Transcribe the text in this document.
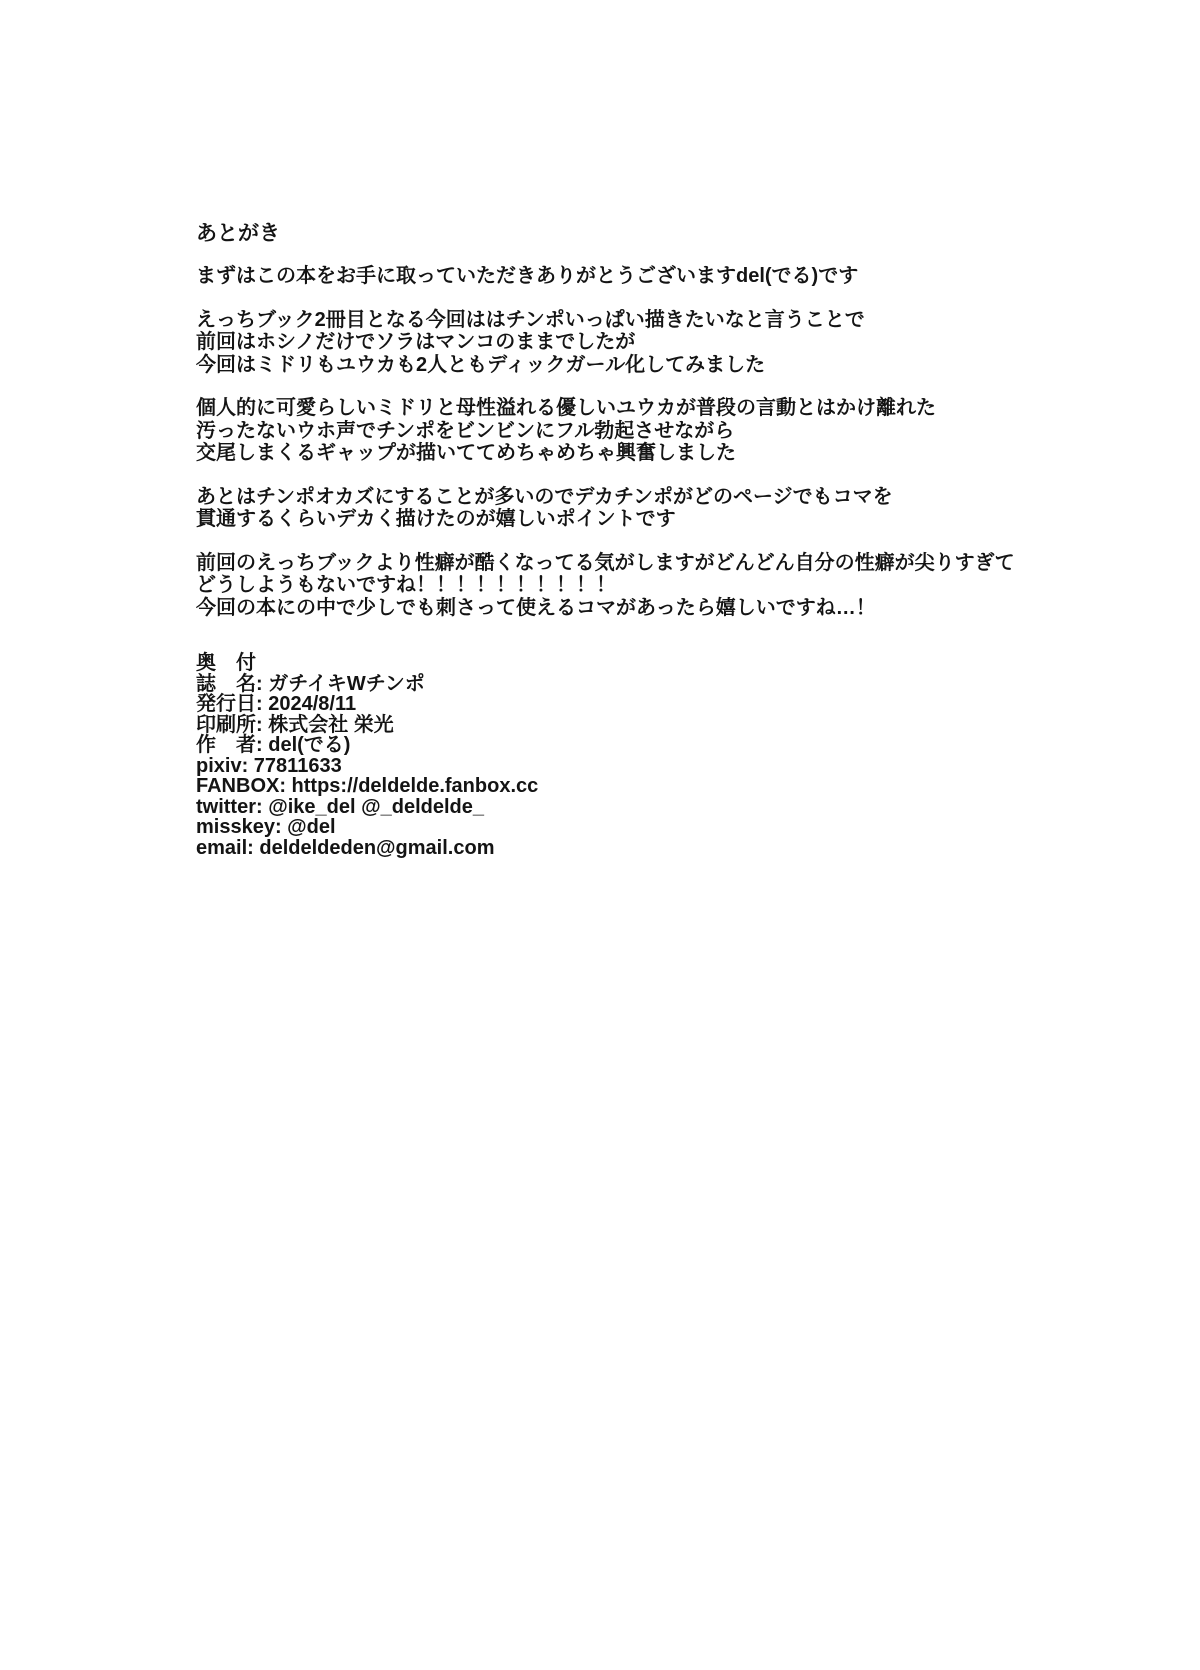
あとがき

まずはこの本をお手に取っていただきありがとうございますdel(でる)です

えっちブック2冊目となる今回ははチンポいっぱい描きたいなと言うことで
前回はホシノだけでソラはマンコのままでしたが
今回はミドリもユウカも2人ともディックガール化してみました

個人的に可愛らしいミドリと母性溢れる優しいユウカが普段の言動とはかけ離れた
汚ったないウホ声でチンポをビンビンにフル勃起させながら
交尾しまくるギャップが描いててめちゃめちゃ興奮しました

あとはチンポオカズにすることが多いのでデカチンポがどのページでもコマを
貫通するくらいデカく描けたのが嬉しいポイントです

前回のえっちブックより性癖が酷くなってる気がしますがどんどん自分の性癖が尖りすぎて
どうしようもないですね！！！！！！！！！！
今回の本にの中で少しでも刺さって使えるコマがあったら嬉しいですね…！

奥　付
誌　名: ガチイキWチンポ
発行日: 2024/8/11
印刷所: 株式会社 栄光
作　者: del(でる)
pixiv: 77811633
FANBOX: https://deldelde.fanbox.cc
twitter: @ike_del @_deldelde_
misskey: @del
email: deldeldeden@gmail.com
